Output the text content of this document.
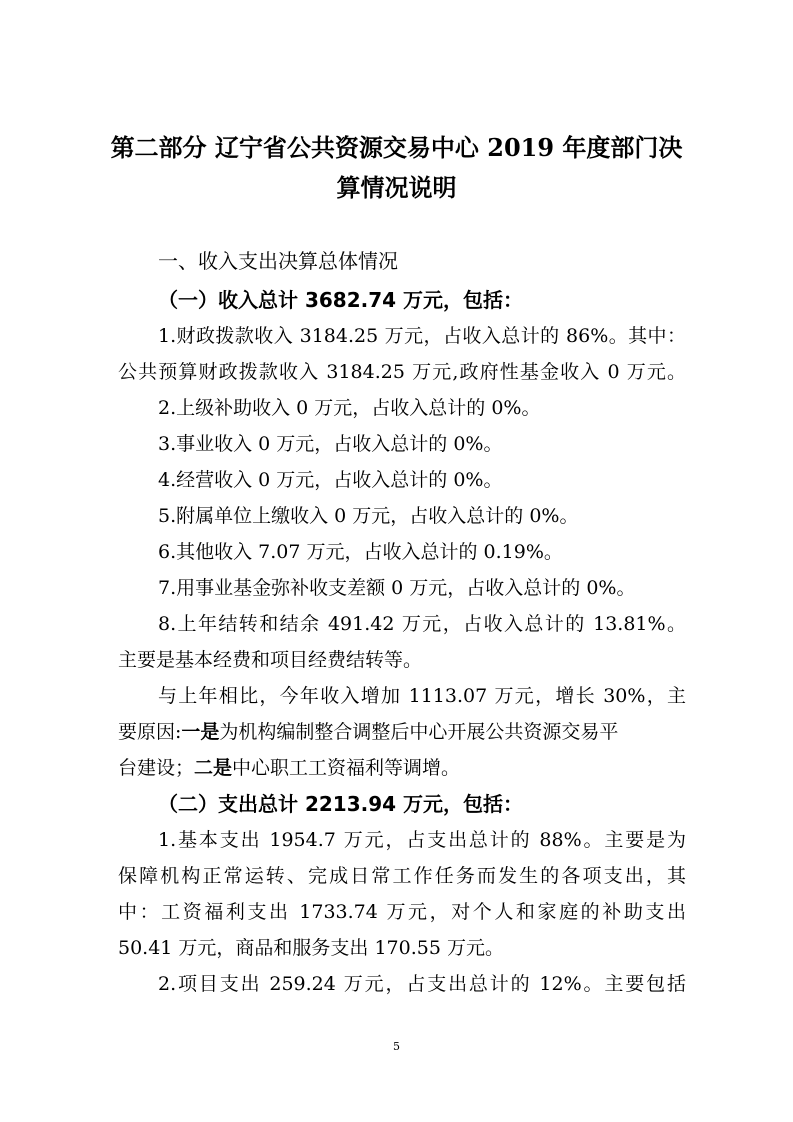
第二部分 辽宁省公共资源交易中心 2019 年度部门决
算情况说明
一、收入支出决算总体情况
（一）收入总计 3682.74 万元，包括：
1.财政拨款收入 3184.25 万元，占收入总计的 86%。其中：
公共预算财政拨款收入 3184.25 万元,政府性基金收入 0 万元。
2.上级补助收入 0 万元，占收入总计的 0%。
3.事业收入 0 万元，占收入总计的 0%。
4.经营收入 0 万元，占收入总计的 0%。
5.附属单位上缴收入 0 万元，占收入总计的 0%。
6.其他收入 7.07 万元，占收入总计的 0.19%。
7.用事业基金弥补收支差额 0 万元，占收入总计的 0%。
8.上年结转和结余 491.42 万元，占收入总计的 13.81%。
主要是基本经费和项目经费结转等。
与上年相比，今年收入增加 1113.07 万元，增长 30%，主
要原因:一是为机构编制整合调整后中心开展公共资源交易平
台建设；二是中心职工工资福利等调增。
（二）支出总计 2213.94 万元，包括：
1.基本支出 1954.7 万元，占支出总计的 88%。主要是为
保障机构正常运转、完成日常工作任务而发生的各项支出，其
中：工资福利支出 1733.74 万元，对个人和家庭的补助支出
50.41 万元，商品和服务支出 170.55 万元。
2.项目支出 259.24 万元，占支出总计的 12%。主要包括
5
